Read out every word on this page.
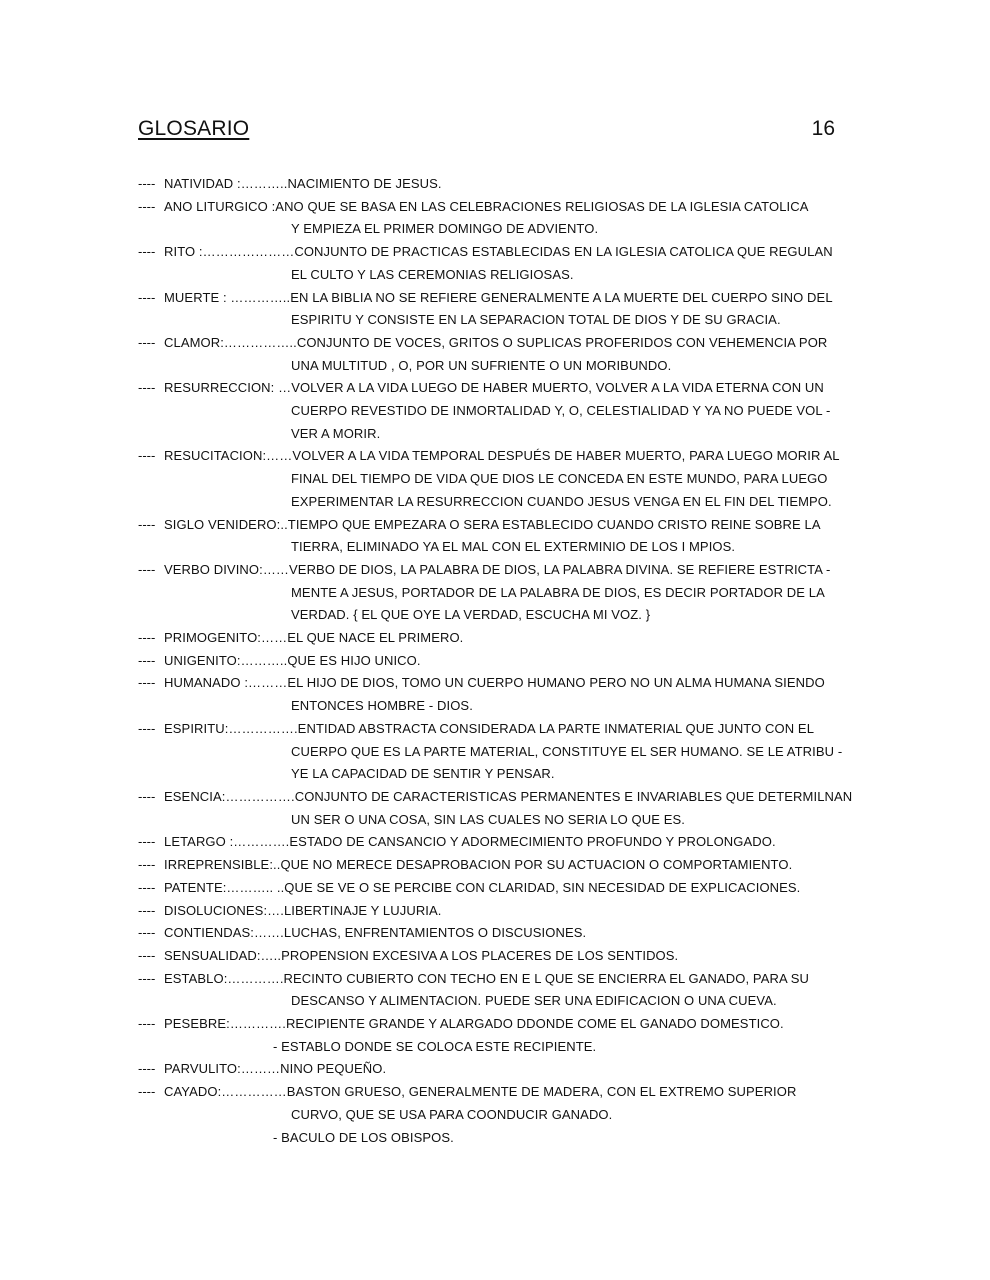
GLOSARIO	16
---- NATIVIDAD :……….. NACIMIENTO DE JESUS.
---- ANO LITURGICO : ANO QUE SE BASA EN LAS CELEBRACIONES RELIGIOSAS DE LA IGLESIA CATOLICA
Y EMPIEZA EL PRIMER DOMINGO DE ADVIENTO.
---- RITO :………………… CONJUNTO DE PRACTICAS ESTABLECIDAS EN LA IGLESIA CATOLICA QUE REGULAN
EL CULTO Y LAS CEREMONIAS RELIGIOSAS.
---- MUERTE : ………….. EN LA BIBLIA NO SE REFIERE GENERALMENTE A LA MUERTE DEL CUERPO SINO DEL
ESPIRITU Y CONSISTE EN LA SEPARACION TOTAL DE DIOS Y DE SU GRACIA.
---- CLAMOR:…………….. CONJUNTO DE VOCES, GRITOS O SUPLICAS PROFERIDOS CON VEHEMENCIA POR
UNA MULTITUD , O, POR UN SUFRIENTE O UN MORIBUNDO.
---- RESURRECCION: … VOLVER A LA VIDA LUEGO DE HABER MUERTO, VOLVER A LA VIDA ETERNA CON UN
CUERPO REVESTIDO DE INMORTALIDAD Y, O, CELESTIALIDAD Y YA NO PUEDE VOL -
VER A MORIR.
---- RESUCITACION:…… VOLVER A LA VIDA TEMPORAL DESPUÉS DE HABER MUERTO, PARA LUEGO MORIR AL
FINAL DEL TIEMPO DE VIDA QUE DIOS LE CONCEDA EN ESTE MUNDO, PARA LUEGO
EXPERIMENTAR LA RESURRECCION CUANDO JESUS VENGA EN EL FIN DEL TIEMPO.
---- SIGLO VENIDERO:.. TIEMPO QUE EMPEZARA O SERA ESTABLECIDO CUANDO CRISTO REINE SOBRE LA
TIERRA, ELIMINADO YA EL MAL CON EL EXTERMINIO DE LOS I MPIOS.
---- VERBO DIVINO:…… VERBO DE DIOS, LA PALABRA DE DIOS, LA PALABRA DIVINA. SE REFIERE ESTRICTA -
MENTE A JESUS, PORTADOR DE LA PALABRA DE DIOS, ES DECIR PORTADOR DE LA
VERDAD. { EL QUE OYE LA VERDAD, ESCUCHA MI VOZ. }
---- PRIMOGENITO:…… EL QUE NACE EL PRIMERO.
---- UNIGENITO:……….. QUE ES HIJO UNICO.
---- HUMANADO :……… EL HIJO DE DIOS, TOMO UN CUERPO HUMANO PERO NO UN ALMA HUMANA SIENDO
ENTONCES HOMBRE - DIOS.
---- ESPIRITU:…………… .ENTIDAD ABSTRACTA CONSIDERADA LA PARTE INMATERIAL QUE JUNTO CON EL
CUERPO QUE ES LA PARTE MATERIAL, CONSTITUYE EL SER HUMANO. SE LE ATRIBU -
YE LA CAPACIDAD DE SENTIR Y PENSAR.
---- ESENCIA:……………. CONJUNTO DE CARACTERISTICAS PERMANENTES E INVARIABLES QUE DETERMILNAN
UN SER O UNA COSA, SIN LAS CUALES NO SERIA LO QUE ES.
---- LETARGO :…………. ESTADO DE CANSANCIO Y ADORMECIMIENTO PROFUNDO Y PROLONGADO.
---- IRREPRENSIBLE:.. QUE NO MERECE DESAPROBACION POR SU ACTUACION O COMPORTAMIENTO.
---- PATENTE:……….. . .QUE SE VE O SE PERCIBE CON CLARIDAD, SIN NECESIDAD DE EXPLICACIONES.
---- DISOLUCIONES:…. LIBERTINAJE Y LUJURIA.
---- CONTIENDAS:……. LUCHAS, ENFRENTAMIENTOS O DISCUSIONES.
---- SENSUALIDAD:….. PROPENSION EXCESIVA A LOS PLACERES DE LOS SENTIDOS.
---- ESTABLO:………… .RECINTO CUBIERTO CON TECHO EN E L QUE SE ENCIERRA EL GANADO, PARA SU
DESCANSO Y ALIMENTACION. PUEDE SER UNA EDIFICACION O UNA CUEVA.
---- PESEBRE:………… .RECIPIENTE GRANDE Y ALARGADO DDONDE COME EL GANADO DOMESTICO.
- ESTABLO DONDE SE COLOCA ESTE RECIPIENTE.
---- PARVULITO:……… NINO PEQUEÑO.
---- CAYADO:…………… BASTON GRUESO, GENERALMENTE DE MADERA, CON EL EXTREMO SUPERIOR
CURVO, QUE SE USA PARA COONDUCIR GANADO.
- BACULO DE LOS OBISPOS.
